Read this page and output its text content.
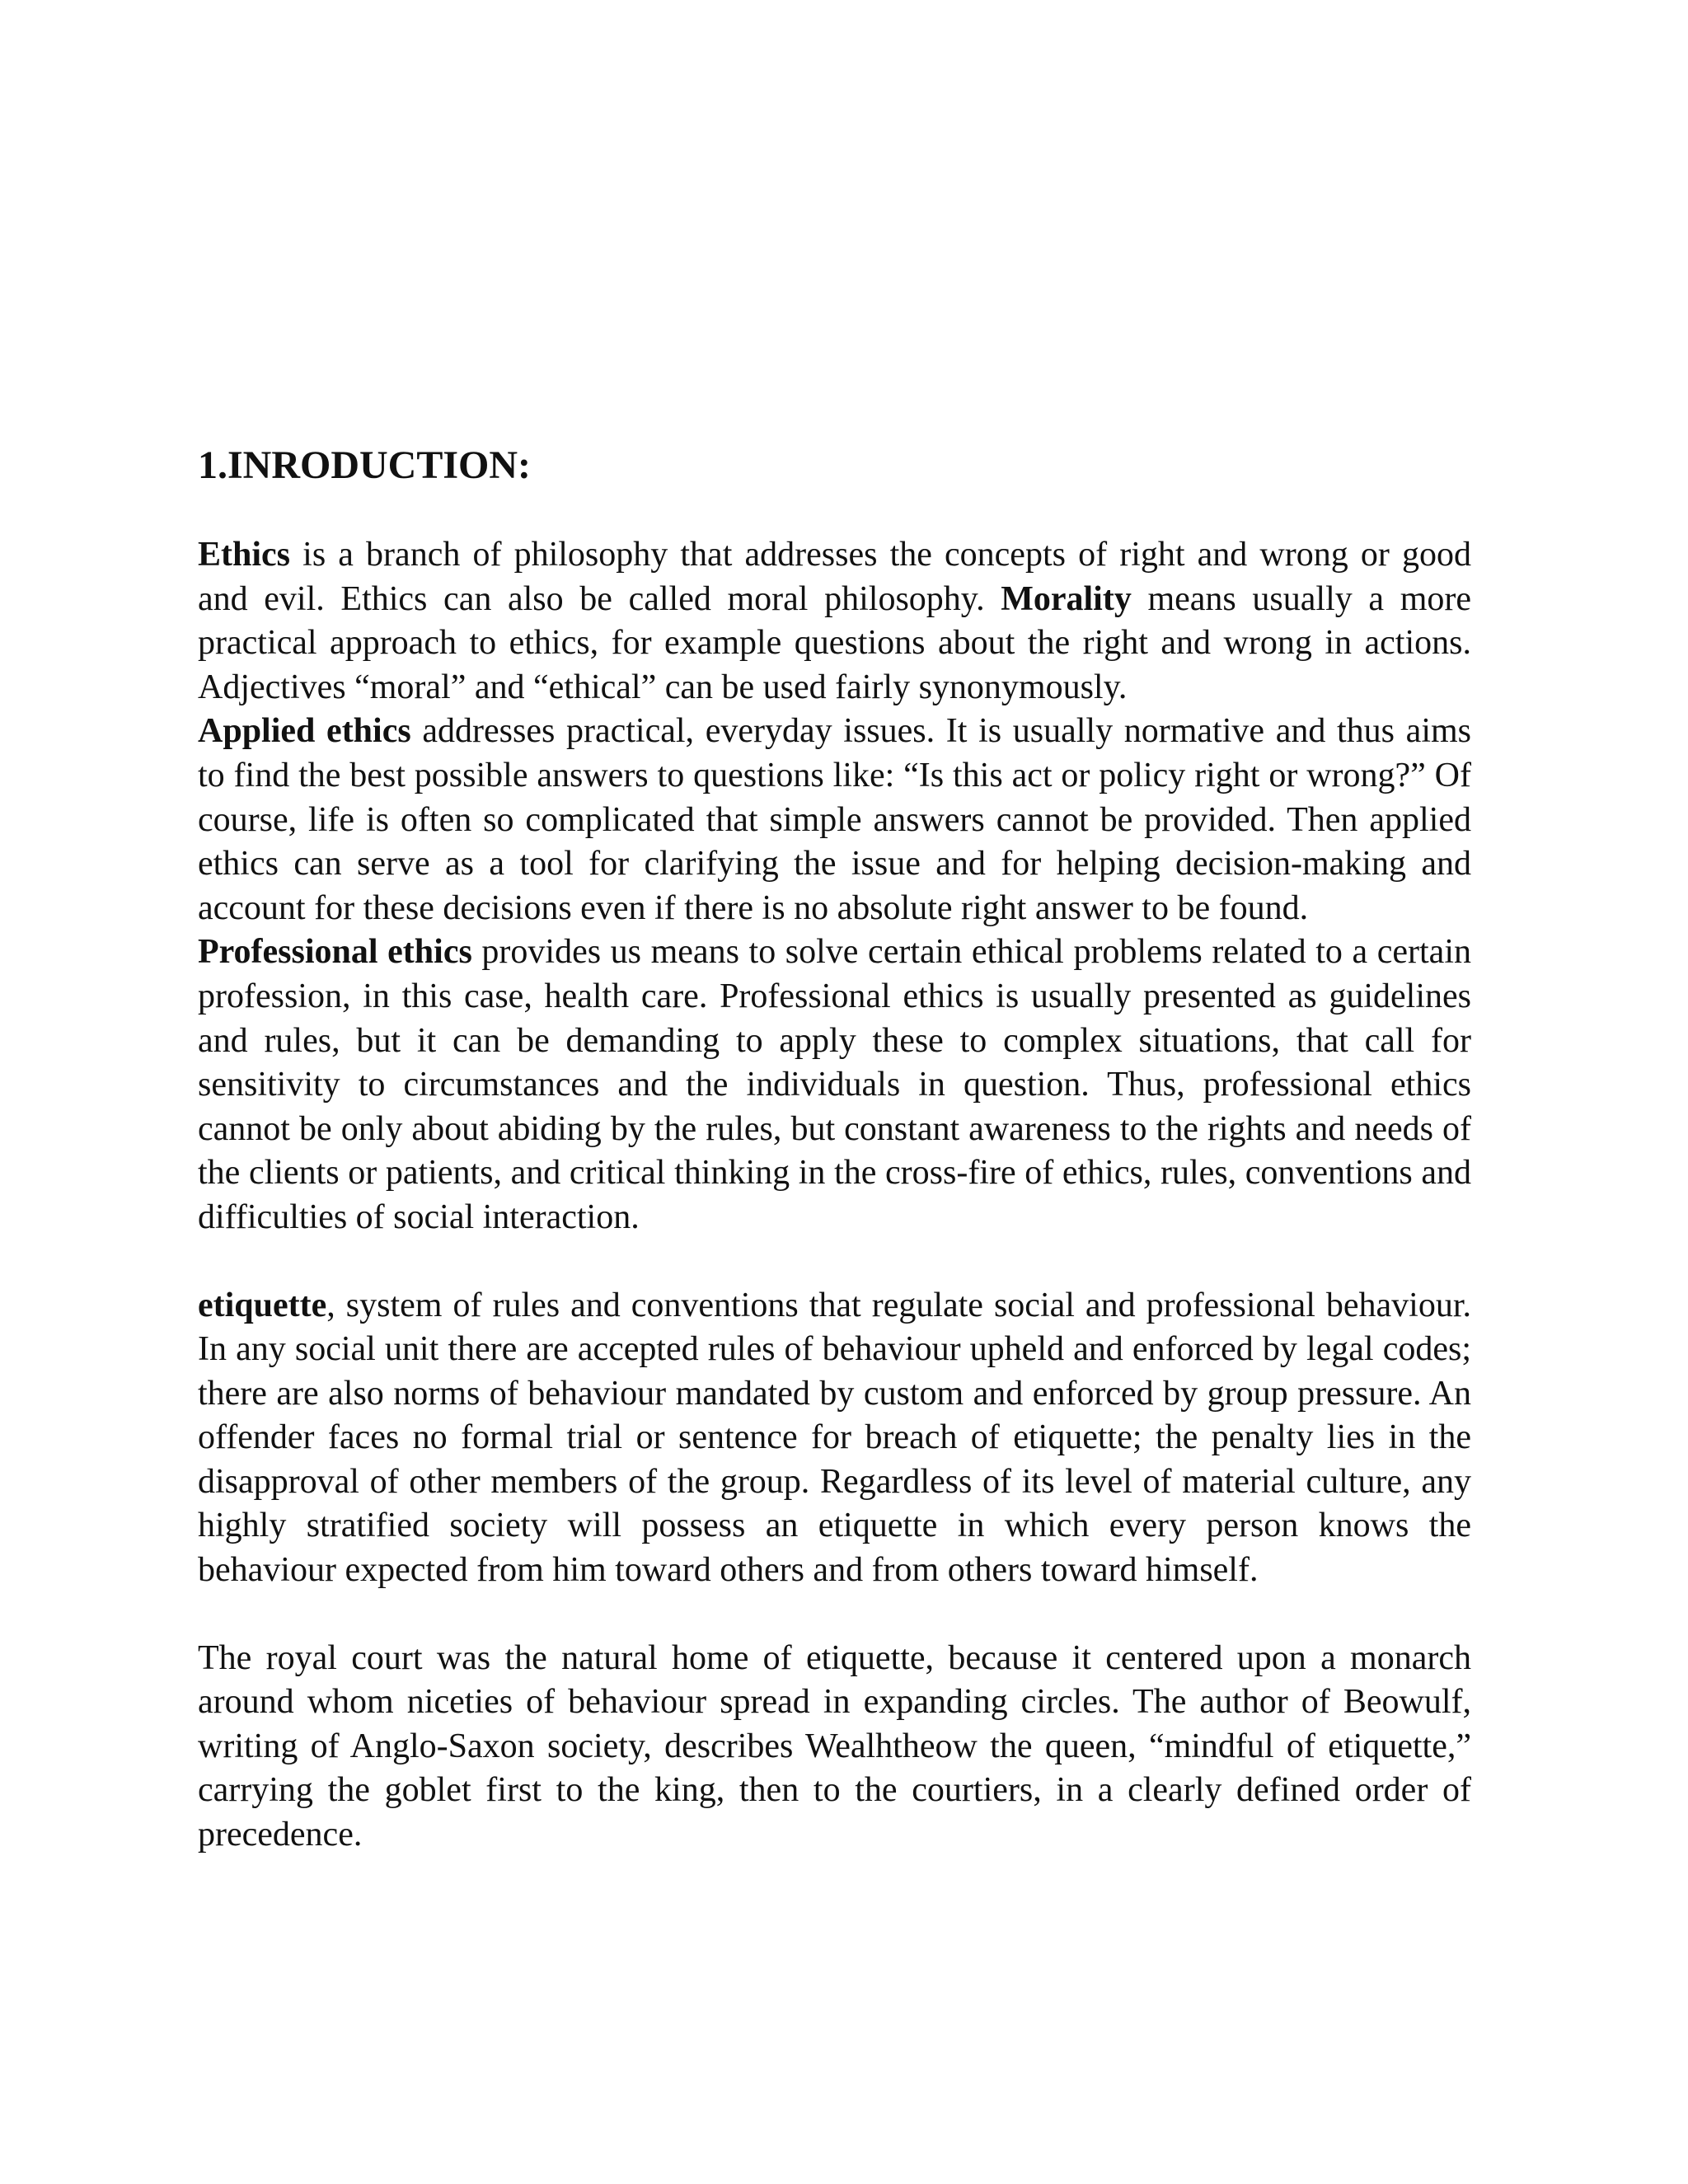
1.INRODUCTION:

Ethics is a branch of philosophy that addresses the concepts of right and wrong or good and evil. Ethics can also be called moral philosophy. Morality means usually a more practical approach to ethics, for example questions about the right and wrong in actions. Adjectives “moral” and “ethical” can be used fairly synonymously.

Applied ethics addresses practical, everyday issues. It is usually normative and thus aims to find the best possible answers to questions like: “Is this act or policy right or wrong?” Of course, life is often so complicated that simple answers cannot be provided. Then applied ethics can serve as a tool for clarifying the issue and for helping decision-making and account for these decisions even if there is no absolute right answer to be found.

Professional ethics provides us means to solve certain ethical problems related to a certain profession, in this case, health care. Professional ethics is usually presented as guidelines and rules, but it can be demanding to apply these to complex situations, that call for sensitivity to circumstances and the individuals in question. Thus, professional ethics cannot be only about abiding by the rules, but constant awareness to the rights and needs of the clients or patients, and critical thinking in the cross-fire of ethics, rules, conventions and difficulties of social interaction.

etiquette, system of rules and conventions that regulate social and professional behaviour. In any social unit there are accepted rules of behaviour upheld and enforced by legal codes; there are also norms of behaviour mandated by custom and enforced by group pressure. An offender faces no formal trial or sentence for breach of etiquette; the penalty lies in the disapproval of other members of the group. Regardless of its level of material culture, any highly stratified society will possess an etiquette in which every person knows the behaviour expected from him toward others and from others toward himself.

The royal court was the natural home of etiquette, because it centered upon a monarch around whom niceties of behaviour spread in expanding circles. The author of Beowulf, writing of Anglo-Saxon society, describes Wealhtheow the queen, “mindful of etiquette,” carrying the goblet first to the king, then to the courtiers, in a clearly defined order of precedence.
